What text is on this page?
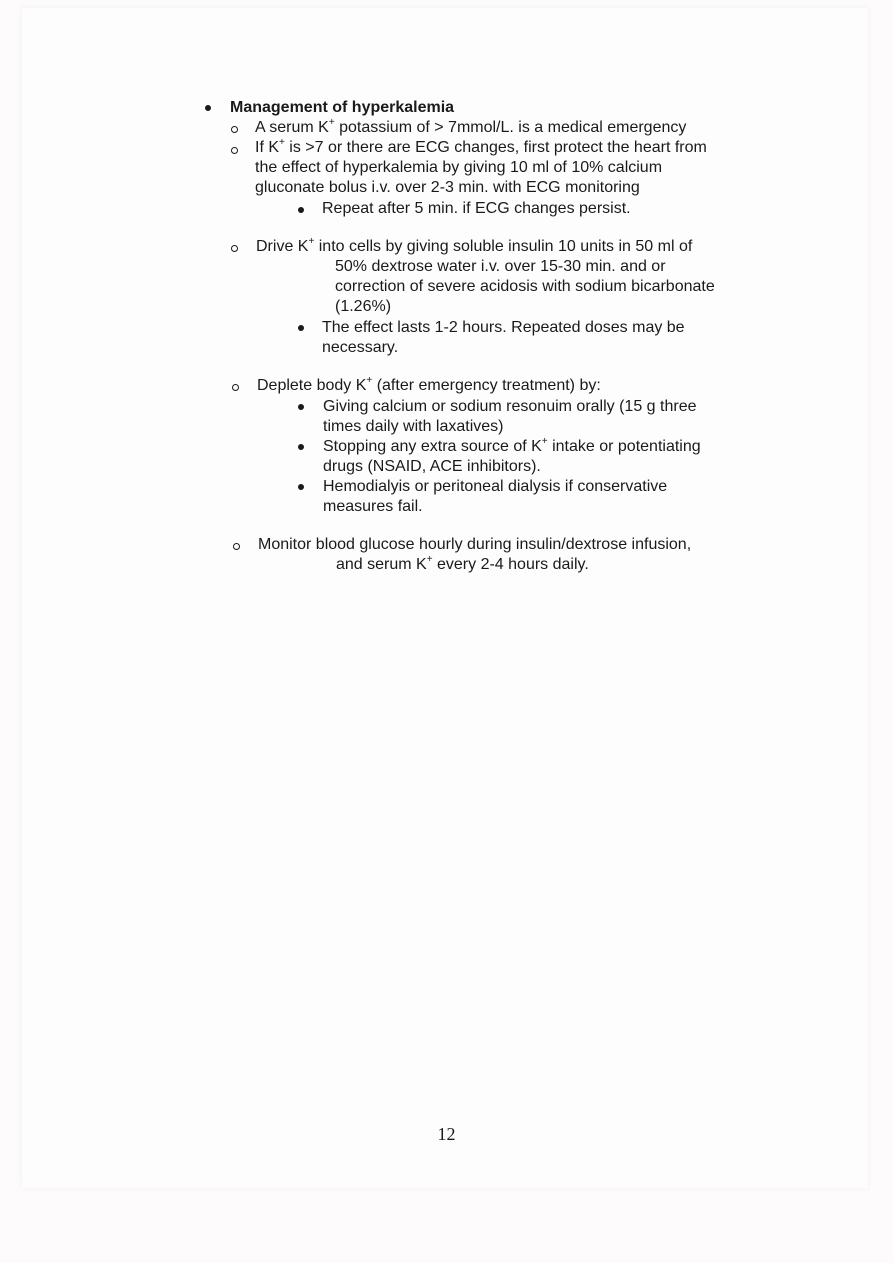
Management of hyperkalemia
A serum K+ potassium of > 7mmol/L. is a medical emergency
If K+ is >7 or there are ECG changes, first protect the heart from
the effect of hyperkalemia by giving 10 ml of 10% calcium
gluconate bolus i.v. over 2-3 min. with ECG monitoring
Repeat after 5 min. if ECG changes persist.
Drive K+ into cells by giving soluble insulin 10 units in 50 ml of
50% dextrose water i.v. over 15-30 min. and or
correction of severe acidosis with sodium bicarbonate
(1.26%)
The effect lasts 1-2 hours. Repeated doses may be
necessary.
Deplete body K+ (after emergency treatment) by:
Giving calcium or sodium resonuim orally (15 g three
times daily with laxatives)
Stopping any extra source of K+ intake or potentiating
drugs (NSAID, ACE inhibitors).
Hemodialyis or peritoneal dialysis if conservative
measures fail.
Monitor blood glucose hourly during insulin/dextrose infusion,
and serum K+ every 2-4 hours daily.
12
